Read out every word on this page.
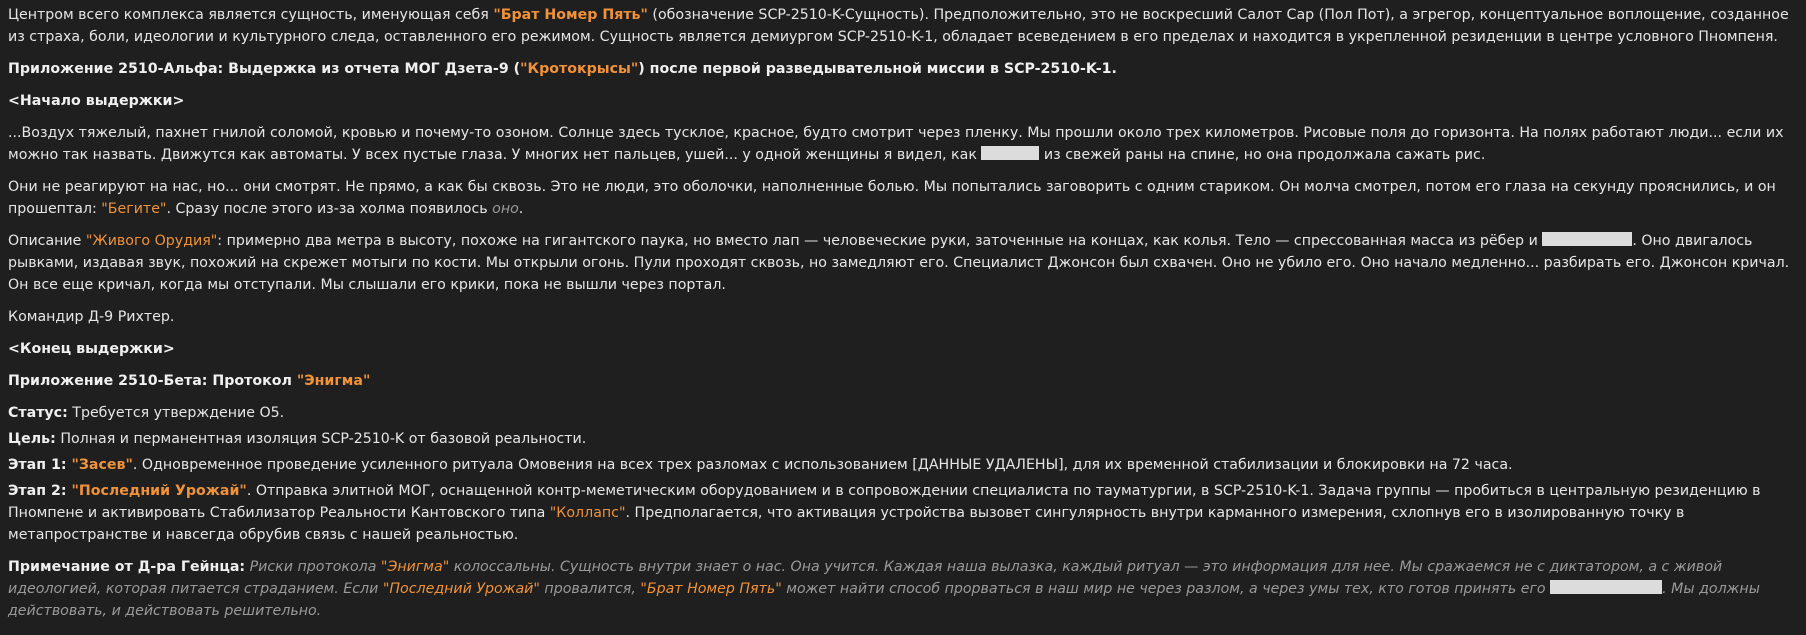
Центром всего комплекса является сущность, именующая себя "Брат Номер Пять" (обозначение SCP-2510-K-Сущность). Предположительно, это не воскресший Салот Сар (Пол Пот), а эгрегор, концептуальное воплощение, созданное из страха, боли, идеологии и культурного следа, оставленного его режимом. Сущность является демиургом SCP-2510-K-1, обладает всеведением в его пределах и находится в укрепленной резиденции в центре условного Пномпеня.

Приложение 2510-Альфа: Выдержка из отчета МОГ Дзета-9 ("Кротокрысы") после первой разведывательной миссии в SCP-2510-K-1.

<Начало выдержки>

...Воздух тяжелый, пахнет гнилой соломой, кровью и почему-то озоном. Солнце здесь тусклое, красное, будто смотрит через пленку. Мы прошли около трех километров. Рисовые поля до горизонта. На полях работают люди... если их можно так назвать. Движутся как автоматы. У всех пустые глаза. У многих нет пальцев, ушей... у одной женщины я видел, как	из свежей раны на спине, но она продолжала сажать рис.

Они не реагируют на нас, но... они смотрят. Не прямо, а как бы сквозь. Это не люди, это оболочки, наполненные болью. Мы попытались заговорить с одним стариком. Он молча смотрел, потом его глаза на секунду прояснились, и он прошептал: "Бегите". Сразу после этого из-за холма появилось оно.

Описание "Живого Орудия": примерно два метра в высоту, похоже на гигантского паука, но вместо лап — человеческие руки, заточенные на концах, как колья. Тело — спрессованная масса из рёбер и	. Оно двигалось рывками, издавая звук, похожий на скрежет мотыги по кости. Мы открыли огонь. Пули проходят сквозь, но замедляют его. Специалист Джонсон был схвачен. Оно не убило его. Оно начало медленно... разбирать его. Джонсон кричал. Он все еще кричал, когда мы отступали. Мы слышали его крики, пока не вышли через портал.

Командир Д-9 Рихтер.

<Конец выдержки>

Приложение 2510-Бета: Протокол "Энигма"

Статус: Требуется утверждение O5.

Цель: Полная и перманентная изоляция SCP-2510-K от базовой реальности.

Этап 1: "Засев". Одновременное проведение усиленного ритуала Омовения на всех трех разломах с использованием [ДАННЫЕ УДАЛЕНЫ], для их временной стабилизации и блокировки на 72 часа.

Этап 2: "Последний Урожай". Отправка элитной МОГ, оснащенной контр-меметическим оборудованием и в сопровождении специалиста по тауматургии, в SCP-2510-K-1. Задача группы — пробиться в центральную резиденцию в Пномпене и активировать Стабилизатор Реальности Кантовского типа "Коллапс". Предполагается, что активация устройства вызовет сингулярность внутри карманного измерения, схлопнув его в изолированную точку в метапространстве и навсегда обрубив связь с нашей реальностью.

Примечание от Д-ра Гейнца: Риски протокола "Энигма" колоссальны. Сущность внутри знает о нас. Она учится. Каждая наша вылазка, каждый ритуал — это информация для нее. Мы сражаемся не с диктатором, а с живой идеологией, которая питается страданием. Если "Последний Урожай" провалится, "Брат Номер Пять" может найти способ прорваться в наш мир не через разлом, а через умы тех, кто готов принять его	. Мы должны действовать, и действовать решительно.
